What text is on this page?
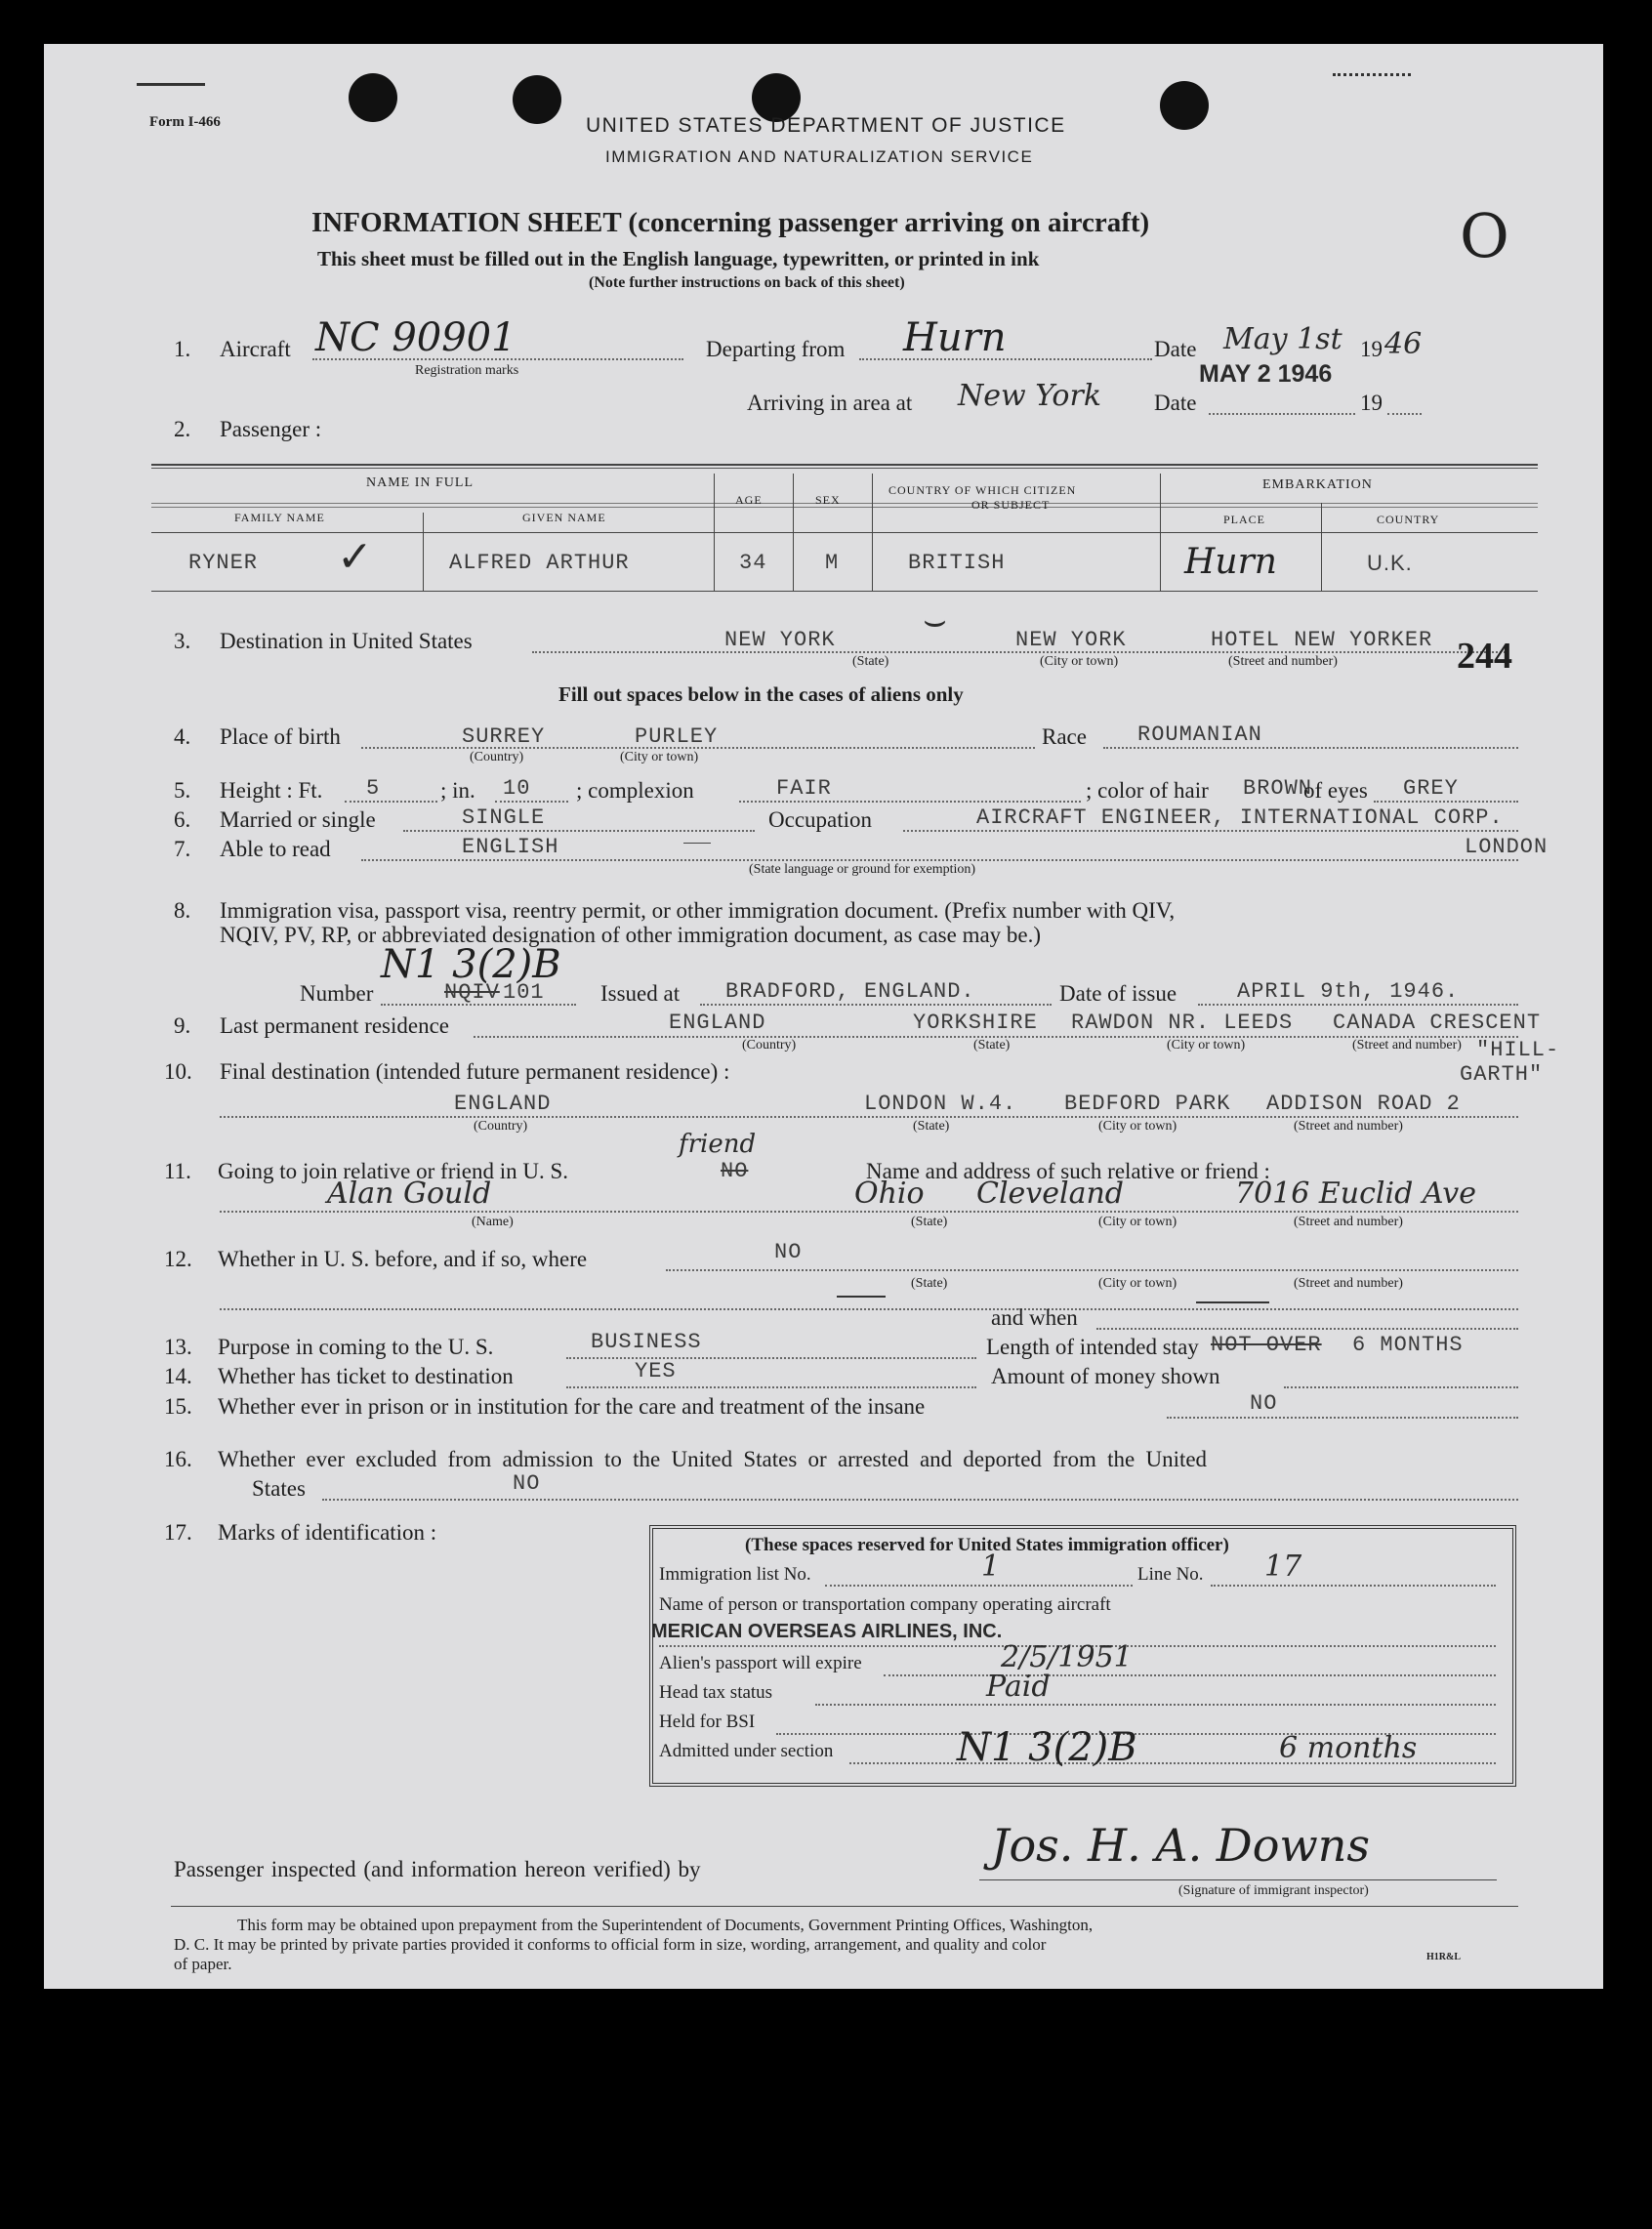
Form I-466	UNITED STATES DEPARTMENT OF JUSTICE
IMMIGRATION AND NATURALIZATION SERVICE
INFORMATION SHEET (concerning passenger arriving on aircraft)
This sheet must be filled out in the English language, typewritten, or printed in ink
(Note further instructions on back of this sheet)
O
1. Aircraft NC 90901
Registration marks
Departing from Hurn	Date May 1st 19 46
MAY 2 1946
Arriving in area at New York Date	19
2. Passenger :
NAME IN FULL
FAMILY NAME	GIVEN NAME
AGE	SEX
COUNTRY OF WHICH CITIZEN
OR SUBJECT
EMBARKATION
PLACE	COUNTRY
RYNER ✓	ALFRED ARTHUR	34	M	BRITISH	Hurn	U.K.
3. Destination in United States	⌣
NEW YORK	NEW YORK	HOTEL NEW YORKER 244
(State)	(City or town)	(Street and number)
Fill out spaces below in the cases of aliens only
4. Place of birth	SURREY	PURLEY
(Country)	(City or town)
Race ROUMANIAN
5. Height : Ft. 5	; in. 10 ; complexion	FAIR	; color of hair BROWN
of eyes GREY
6. Married or single	SINGLE	Occupation	AIRCRAFT ENGINEER, INTERNATIONAL CORP.
7. Able to read	ENGLISH	LONDON
(State language or ground for exemption)
8. Immigration visa, passport visa, reentry permit, or other immigration document. (Prefix number with QIV,
NQIV, PV, RP, or abbreviated designation of other immigration document, as case may be.)
N1 3(2)B
Number	NQIV 101 Issued at BRADFORD, ENGLAND.	Date of issue	APRIL 9th, 1946.
9. Last permanent residence	ENGLAND	YORKSHIRE RAWDON NR. LEEDS CANADA CRESCENT
(Country)	(State)	(City or town)	(Street and number) "HILL-
10. Final destination (intended future permanent residence) :	GARTH"
ENGLAND	LONDON W.4. BEDFORD PARK ADDISON ROAD 2
(Country)	(State)	(City or town)	(Street and number)
11. Going to join relative or friend in U. S.
friend
NO	Name and address of such relative or friend :
Alan Gould	Ohio Cleveland	7016 Euclid Ave
(Name)	(State)	(City or town)	(Street and number)
12. Whether in U. S. before, and if so, where	NO
(State)	(City or town)	(Street and number)
and when
13. Purpose in coming to the U. S.	BUSINESS	Length of intended stay NOT OVER 6 MONTHS
14. Whether has ticket to destination	YES	Amount of money shown
15. Whether ever in prison or in institution for the care and treatment of the insane	NO
16. Whether ever excluded from admission to the United States or arrested and deported from the United
States	NO
17. Marks of identification :
(These spaces reserved for United States immigration officer)
Immigration list No.	1	Line No. 17
Name of person or transportation company operating aircraft
MERICAN OVERSEAS AIRLINES, INC.
Alien's passport will expire	2/5/1951
Head tax status	Paid
Held for BSI
Admitted under section	N1 3(2)B	6 months
Passenger inspected (and information hereon verified) by	Jos. H. A. Downs
(Signature of immigrant inspector)
This form may be obtained upon prepayment from the Superintendent of Documents, Government Printing Offices, Washington,
D. C. It may be printed by private parties provided it conforms to official form in size, wording, arrangement, and quality and color
of paper.	H1R&L
